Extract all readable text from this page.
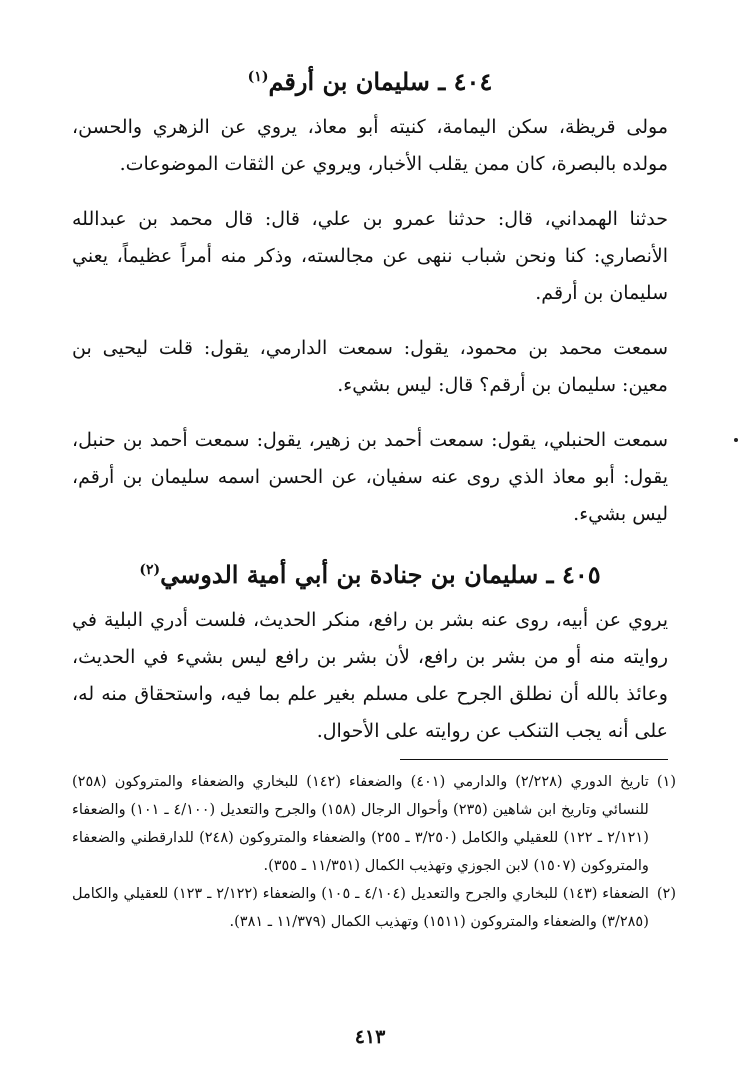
٤٠٤ ـ سليمان بن أرقم$^{(١)}$

مولى قريظة، سكن اليمامة، كنيته أبو معاذ، يروي عن الزهري والحسن، مولده بالبصرة، كان ممن يقلب الأخبار، ويروي عن الثقات الموضوعات.

حدثنا الهمداني، قال: حدثنا عمرو بن علي، قال: قال محمد بن عبدالله الأنصاري: كنا ونحن شباب ننهى عن مجالسته، وذكر منه أمراً عظيماً، يعني سليمان بن أرقم.

سمعت محمد بن محمود، يقول: سمعت الدارمي، يقول: قلت ليحيى بن معين: سليمان بن أرقم؟ قال: ليس بشيء.

سمعت الحنبلي، يقول: سمعت أحمد بن زهير، يقول: سمعت أحمد بن حنبل، يقول: أبو معاذ الذي روى عنه سفيان، عن الحسن اسمه سليمان بن أرقم، ليس بشيء.

٤٠٥ ـ سليمان بن جنادة بن أبي أمية الدوسي$^{(٢)}$

يروي عن أبيه، روى عنه بشر بن رافع، منكر الحديث، فلست أدري البلية في روايته منه أو من بشر بن رافع، لأن بشر بن رافع ليس بشيء في الحديث، وعائذ بالله أن نطلق الجرح على مسلم بغير علم بما فيه، واستحقاق منه له، على أنه يجب التنكب عن روايته على الأحوال.

(١)
تاريخ الدوري (٢/٢٢٨) والدارمي (٤٠١) والضعفاء (١٤٢) للبخاري والضعفاء والمتروكون (٢٥٨) للنسائي وتاريخ ابن شاهين (٢٣٥) وأحوال الرجال (١٥٨) والجرح والتعديل (٤/١٠٠ ـ ١٠١) والضعفاء (٢/١٢١ ـ ١٢٢) للعقيلي والكامل (٣/٢٥٠ ـ ٢٥٥) والضعفاء والمتروكون (٢٤٨) للدارقطني والضعفاء والمتروكون (١٥٠٧) لابن الجوزي وتهذيب الكمال (١١/٣٥١ ـ ٣٥٥).
(٢)
الضعفاء (١٤٣) للبخاري والجرح والتعديل (٤/١٠٤ ـ ١٠٥) والضعفاء (٢/١٢٢ ـ ١٢٣) للعقيلي والكامل (٣/٢٨٥) والضعفاء والمتروكون (١٥١١) وتهذيب الكمال (١١/٣٧٩ ـ ٣٨١).
٤١٣
